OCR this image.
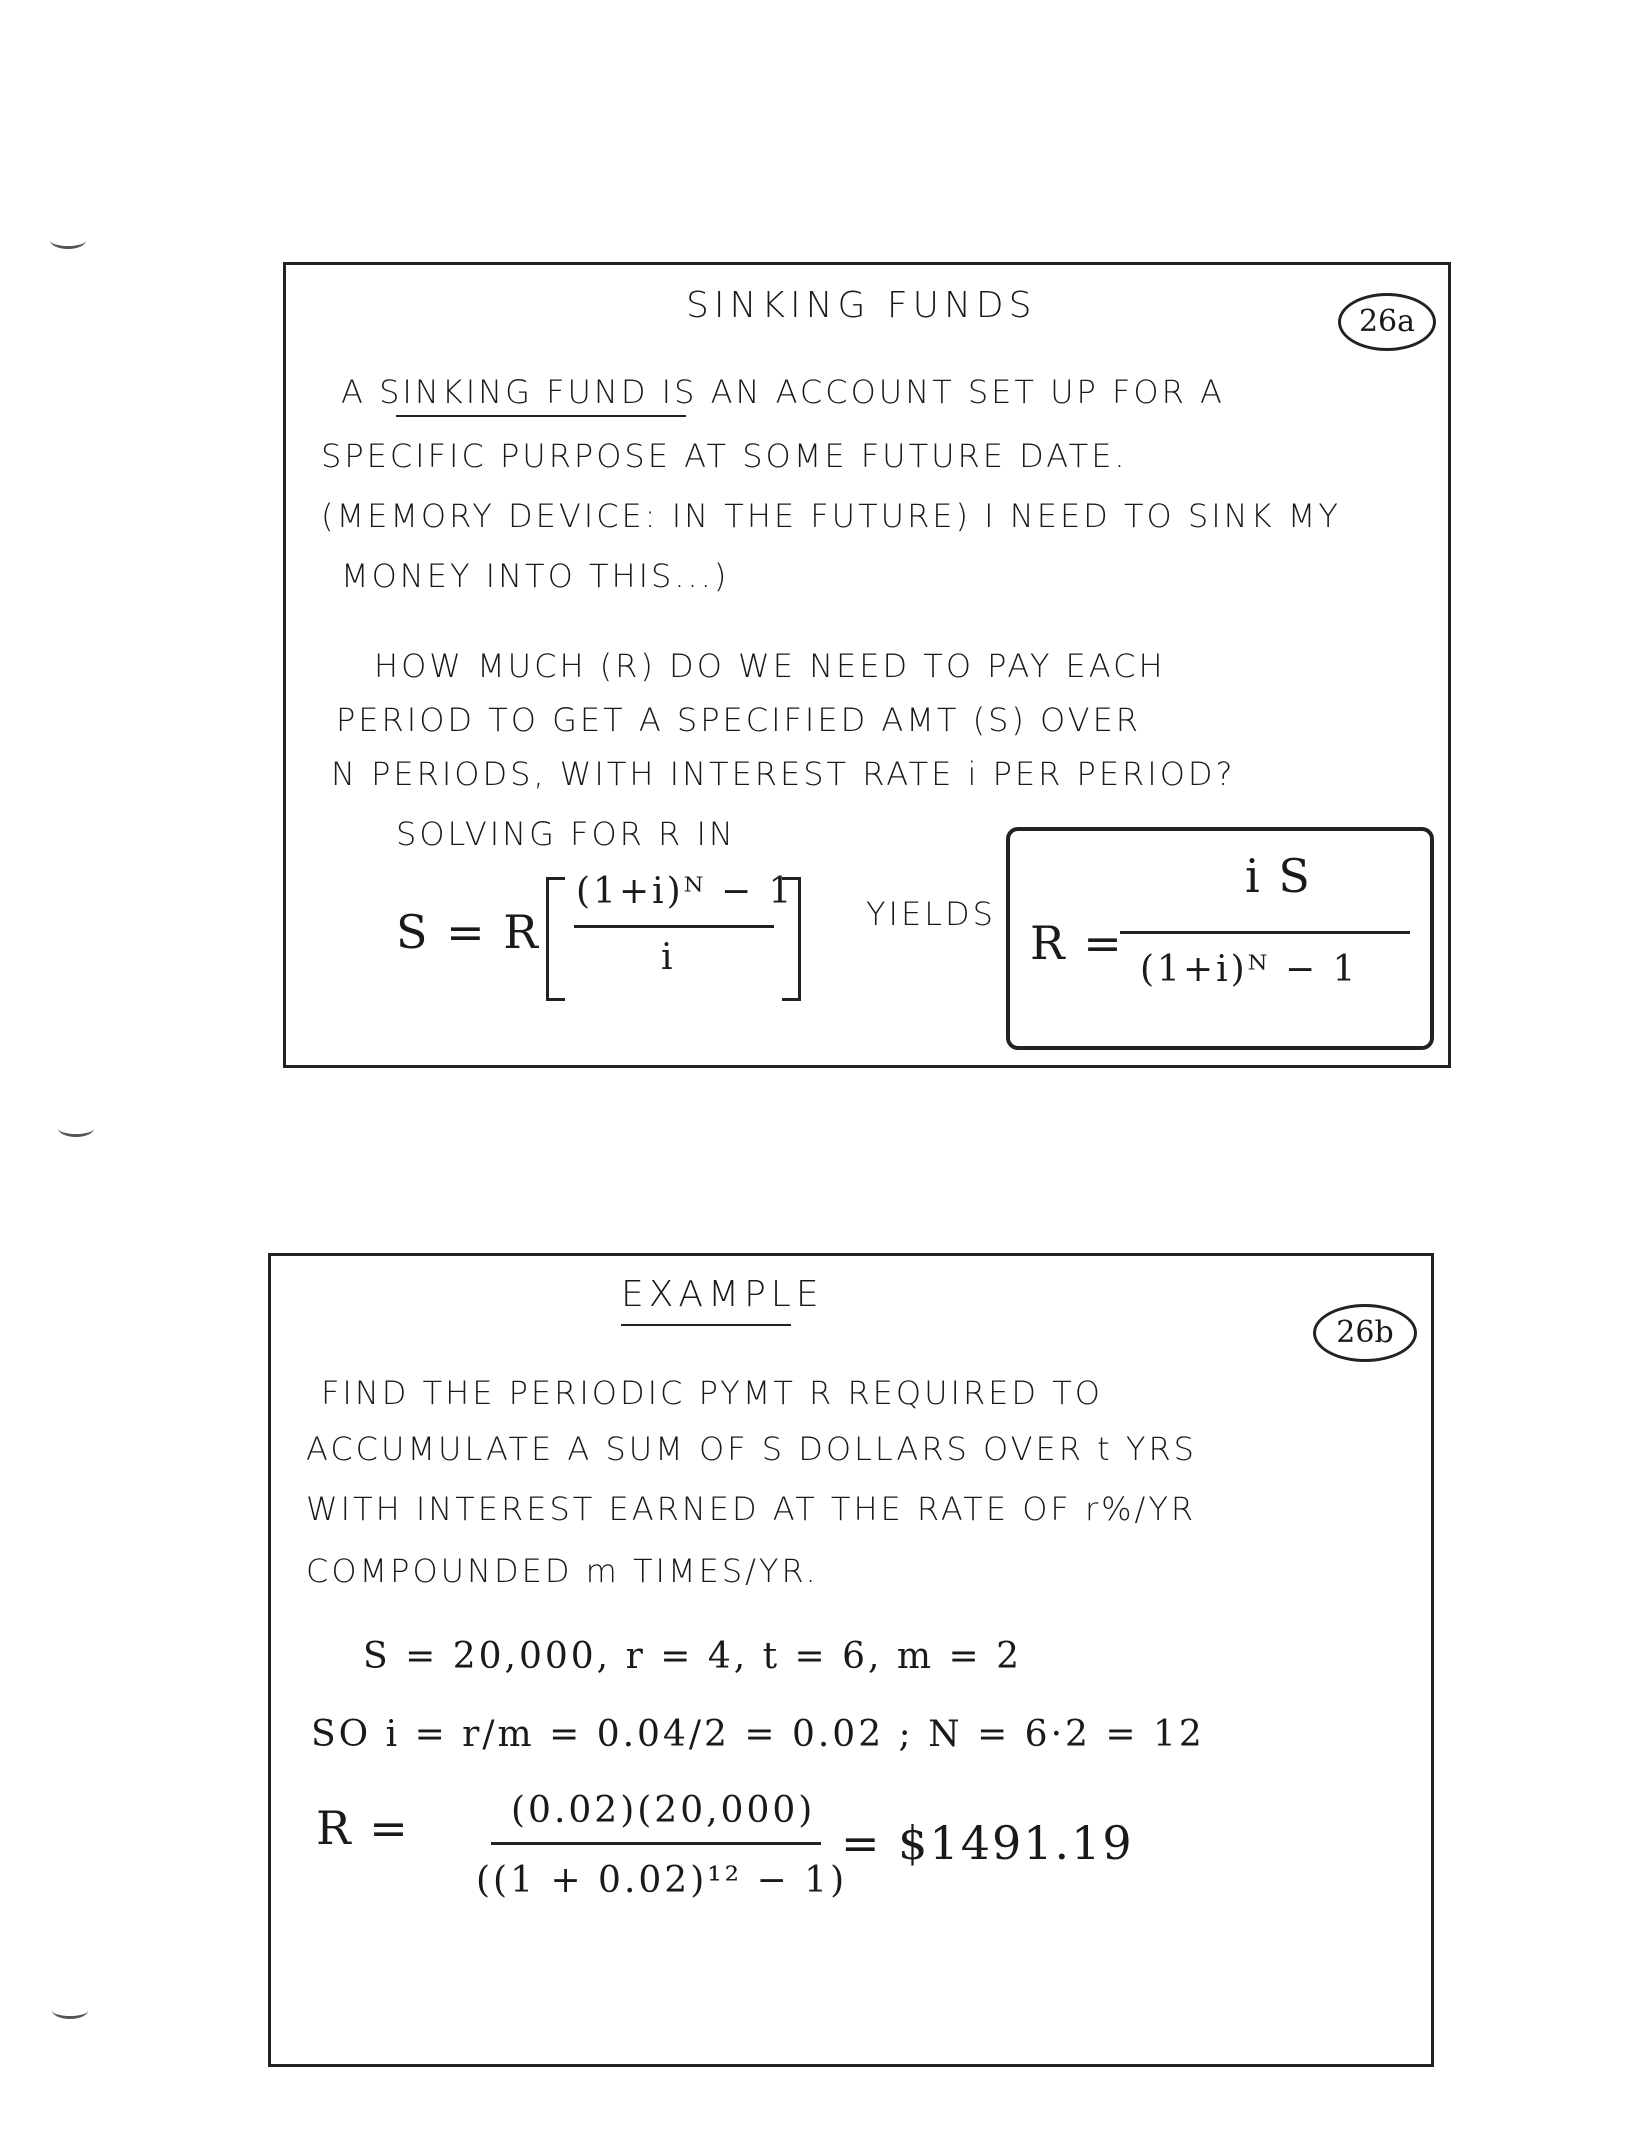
SINKING FUNDS	26a
A SINKING FUND IS AN ACCOUNT SET UP FOR A
SPECIFIC PURPOSE AT SOME FUTURE DATE.
(MEMORY DEVICE: IN THE FUTURE) I NEED TO SINK MY
MONEY INTO THIS...)
HOW MUCH (R) DO WE NEED TO PAY EACH
PERIOD TO GET A SPECIFIED AMT (S) OVER
N PERIODS, WITH INTEREST RATE i PER PERIOD?
SOLVING FOR R IN
S = R
(1+i)ᴺ − 1
i
YIELDS
R =
i S
(1+i)ᴺ − 1
EXAMPLE
26b
FIND THE PERIODIC PYMT R REQUIRED TO
ACCUMULATE A SUM OF S DOLLARS OVER t YRS
WITH INTEREST EARNED AT THE RATE OF r%/YR
COMPOUNDED m TIMES/YR.
S = 20,000, r = 4, t = 6, m = 2
SO i = r/m = 0.04/2 = 0.02 ; N = 6·2 = 12
R =	(0.02)(20,000)
((1 + 0.02)¹² − 1)
= $1491.19
